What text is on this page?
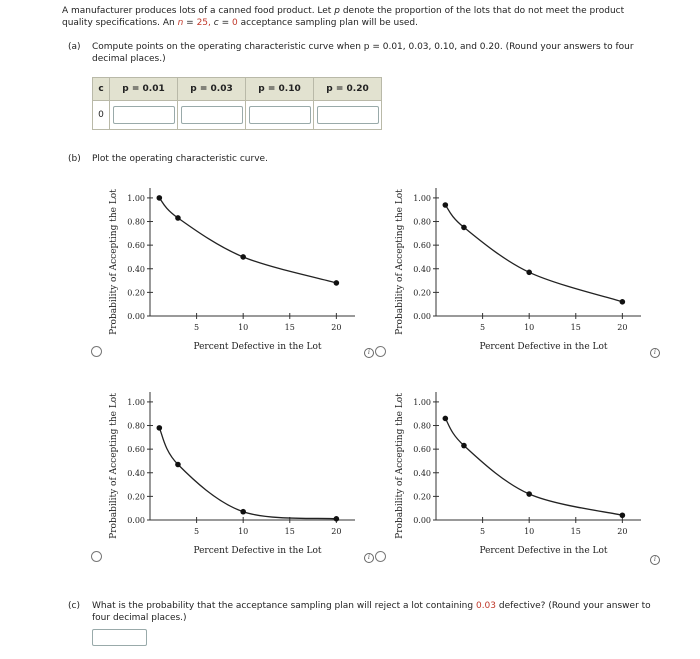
A manufacturer produces lots of a canned food product. Let p denote the proportion of the lots that do not meet the product
quality specifications. An n = 25, c = 0 acceptance sampling plan will be used.
(a) Compute points on the operating characteristic curve when p = 0.01, 0.03, 0.10, and 0.20. (Round your answers to four
decimal places.)
c	p = 0.01	p = 0.03	p = 0.10	p = 0.20
0				
(b) Plot the operating characteristic curve.
0.00
0.20
0.40
0.60
0.80
1.00
5	10	15	20
Percent Defective in the Lot
Probability of Accepting the Lot	0.00
0.20
0.40
0.60
0.80
1.00
5	10	15	20
Percent Defective in the Lot
Probability of Accepting the Lot
0.00
0.20
0.40
0.60
0.80
1.00
5	10	15	20
Percent Defective in the Lot
Probability of Accepting the Lot	0.00
0.20
0.40
0.60
0.80
1.00
5	10	15	20
Percent Defective in the Lot
Probability of Accepting the Lot
i	i
i	i
(c) What is the probability that the acceptance sampling plan will reject a lot containing 0.03 defective? (Round your answer to
four decimal places.)
